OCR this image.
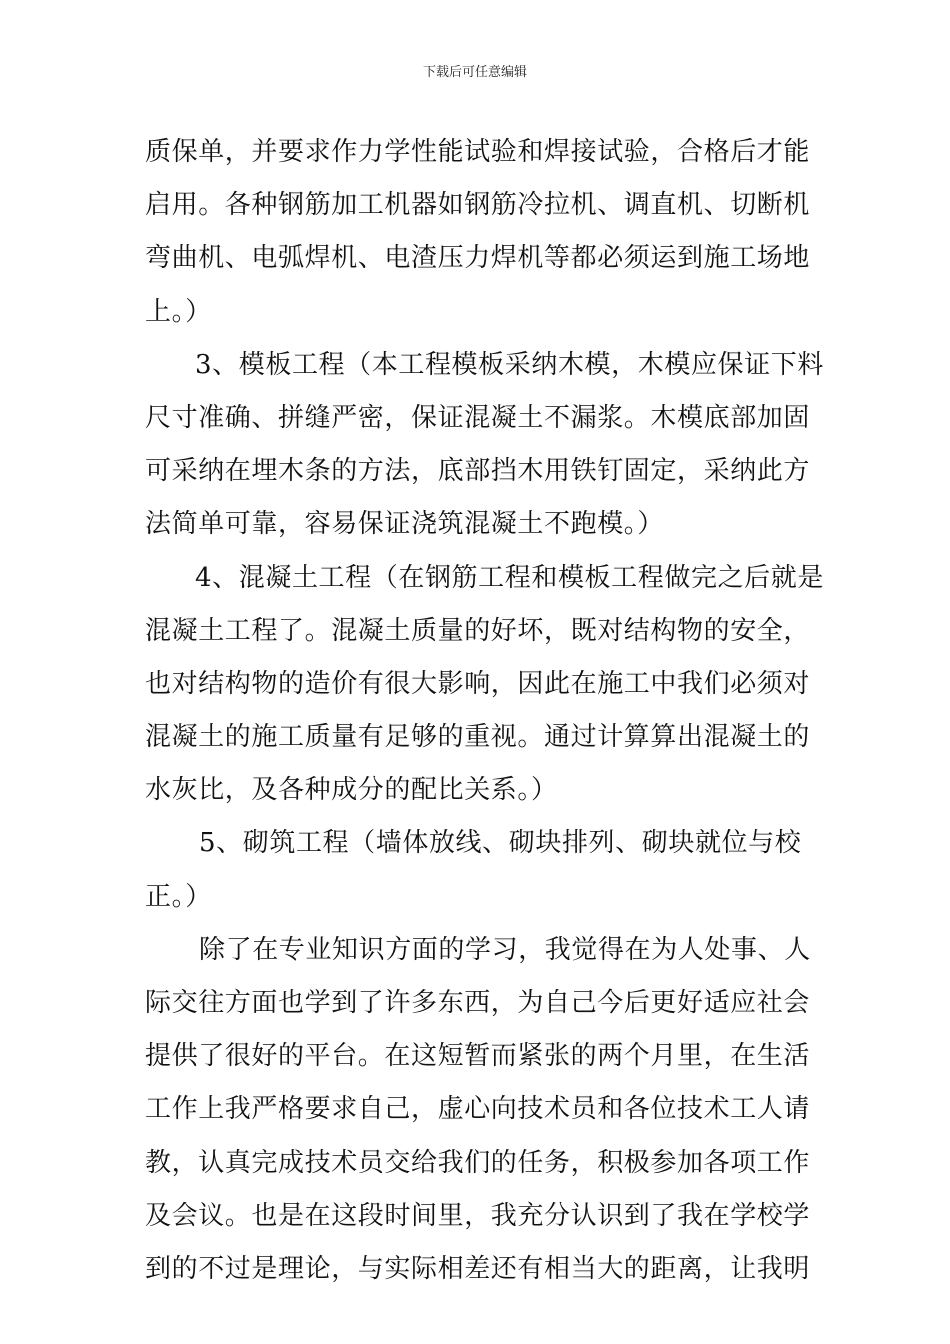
下载后可任意编辑
质保单，并要求作力学性能试验和焊接试验，合格后才能
启用。各种钢筋加工机器如钢筋冷拉机、调直机、切断机
弯曲机、电弧焊机、电渣压力焊机等都必须运到施工场地
上。）
3、模板工程（本工程模板采纳木模，木模应保证下料
尺寸准确、拼缝严密，保证混凝土不漏浆。木模底部加固
可采纳在埋木条的方法，底部挡木用铁钉固定，采纳此方
法简单可靠，容易保证浇筑混凝土不跑模。）
4、混凝土工程（在钢筋工程和模板工程做完之后就是
混凝土工程了。混凝土质量的好坏，既对结构物的安全，
也对结构物的造价有很大影响，因此在施工中我们必须对
混凝土的施工质量有足够的重视。通过计算算出混凝土的
水灰比，及各种成分的配比关系。）
5、砌筑工程（墙体放线、砌块排列、砌块就位与校
正。）
除了在专业知识方面的学习，我觉得在为人处事、人
际交往方面也学到了许多东西，为自己今后更好适应社会
提供了很好的平台。在这短暂而紧张的两个月里，在生活
工作上我严格要求自己，虚心向技术员和各位技术工人请
教，认真完成技术员交给我们的任务，积极参加各项工作
及会议。也是在这段时间里，我充分认识到了我在学校学
到的不过是理论，与实际相差还有相当大的距离，让我明
